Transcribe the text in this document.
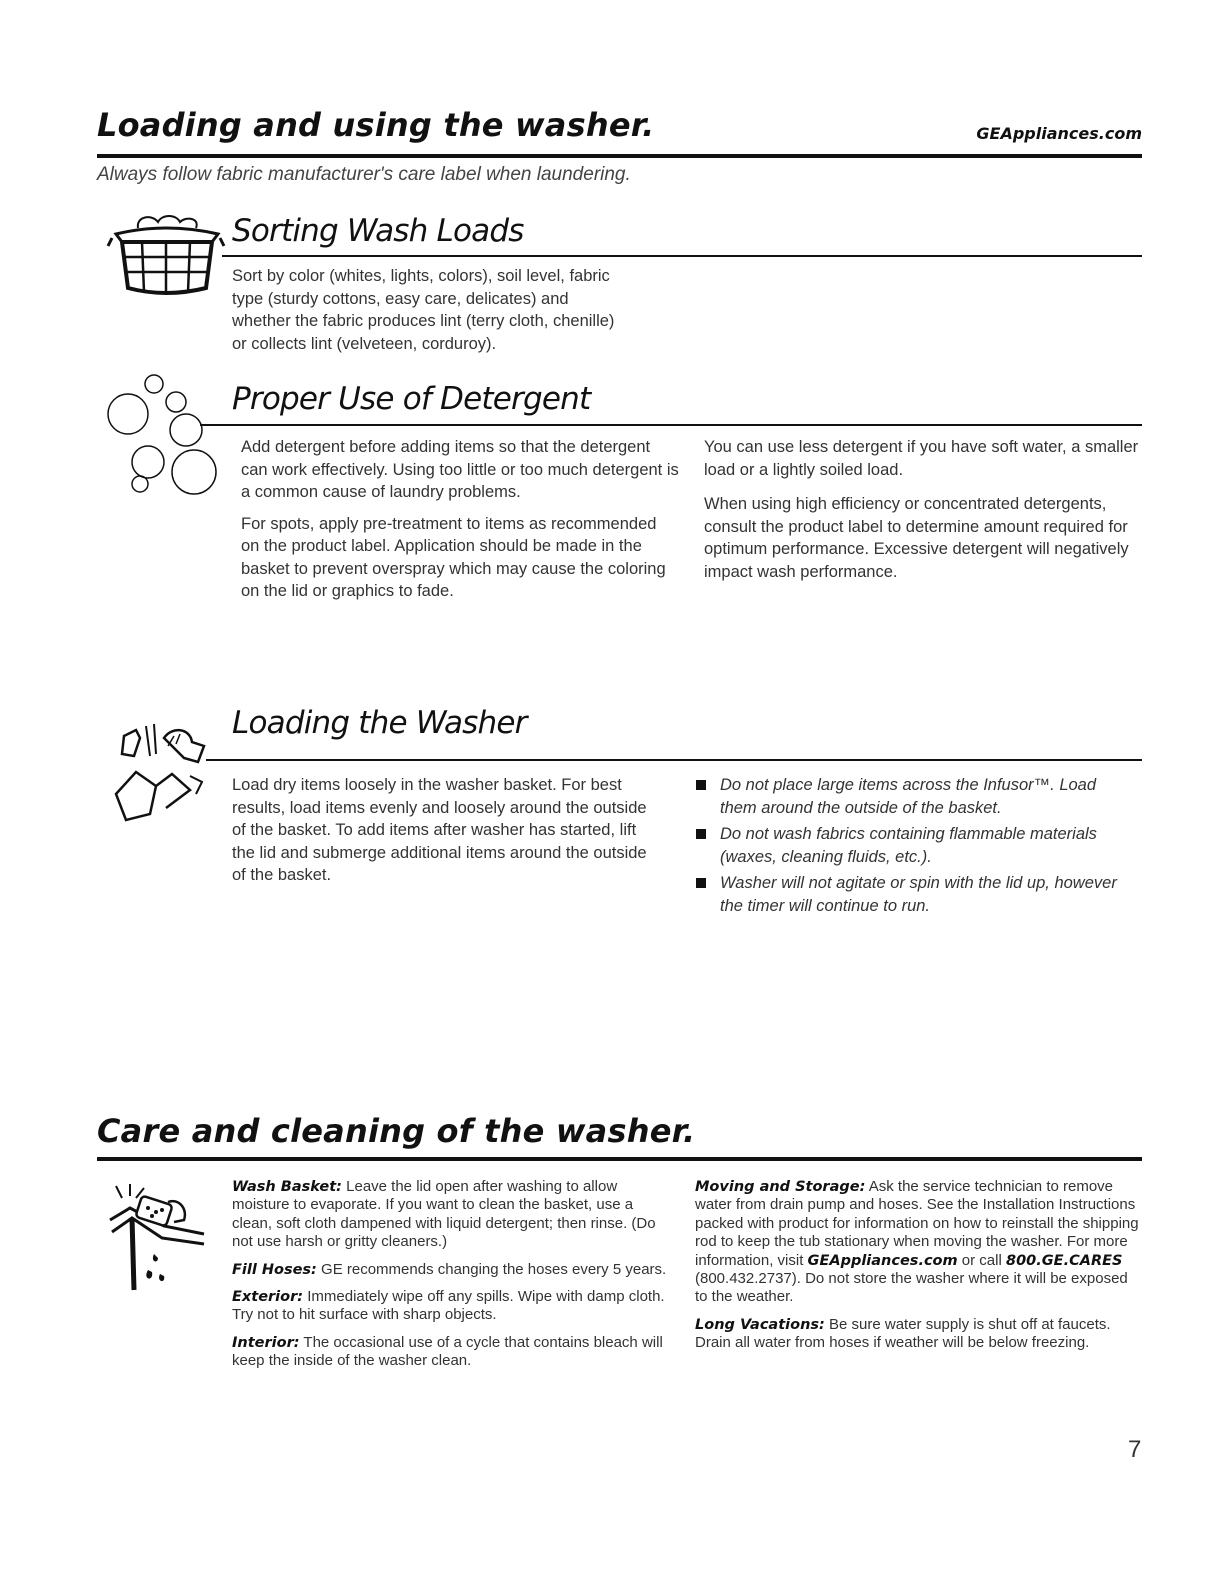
Loading and using the washer.	GEAppliances.com
Always follow fabric manufacturer's care label when laundering.
Sorting Wash Loads
Sort by color (whites, lights, colors), soil level, fabric type (sturdy cottons, easy care, delicates) and whether the fabric produces lint (terry cloth, chenille) or collects lint (velveteen, corduroy).
Proper Use of Detergent

Add detergent before adding items so that the detergent can work effectively. Using too little or too much detergent is a common cause of laundry problems.

For spots, apply pre-treatment to items as recommended on the product label. Application should be made in the basket to prevent overspray which may cause the coloring on the lid or graphics to fade.

You can use less detergent if you have soft water, a smaller load or a lightly soiled load.

When using high efficiency or concentrated detergents, consult the product label to determine amount required for optimum performance. Excessive detergent will negatively impact wash performance.

Loading the Washer
Load dry items loosely in the washer basket. For best results, load items evenly and loosely around the outside of the basket. To add items after washer has started, lift the lid and submerge additional items around the outside of the basket.
Do not place large items across the Infusor™. Load them around the outside of the basket.
Do not wash fabrics containing flammable materials (waxes, cleaning fluids, etc.).
Washer will not agitate or spin with the lid up, however the timer will continue to run.
Care and cleaning of the washer.

Wash Basket: Leave the lid open after washing to allow moisture to evaporate. If you want to clean the basket, use a clean, soft cloth dampened with liquid detergent; then rinse. (Do not use harsh or gritty cleaners.)

Fill Hoses: GE recommends changing the hoses every 5 years.

Exterior: Immediately wipe off any spills. Wipe with damp cloth. Try not to hit surface with sharp objects.

Interior: The occasional use of a cycle that contains bleach will keep the inside of the washer clean.

Moving and Storage: Ask the service technician to remove water from drain pump and hoses. See the Installation Instructions packed with product for information on how to reinstall the shipping rod to keep the tub stationary when moving the washer. For more information, visit GEAppliances.com or call 800.GE.CARES (800.432.2737). Do not store the washer where it will be exposed to the weather.

Long Vacations: Be sure water supply is shut off at faucets. Drain all water from hoses if weather will be below freezing.

7
